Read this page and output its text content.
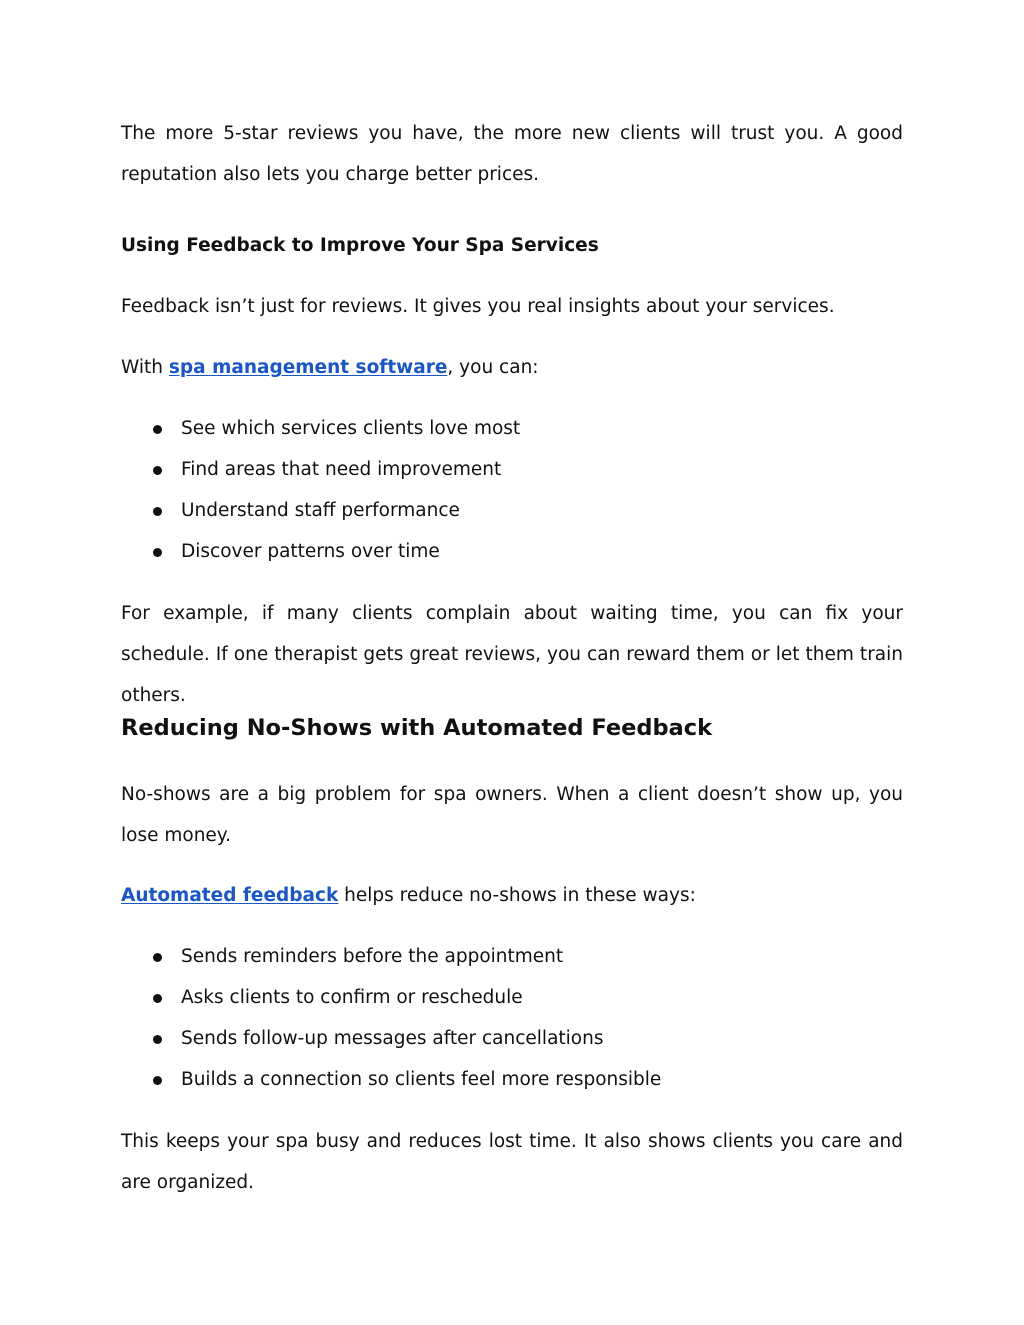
The more 5-star reviews you have, the more new clients will trust you. A good reputation also lets you charge better prices.

Using Feedback to Improve Your Spa Services
Feedback isn’t just for reviews. It gives you real insights about your services.
With spa management software, you can:
See which services clients love most
Find areas that need improvement
Understand staff performance
Discover patterns over time

For example, if many clients complain about waiting time, you can fix your schedule. If one therapist gets great reviews, you can reward them or let them train others.

Reducing No-Shows with Automated Feedback

No-shows are a big problem for spa owners. When a client doesn’t show up, you lose money.

Automated feedback helps reduce no-shows in these ways:
Sends reminders before the appointment
Asks clients to confirm or reschedule
Sends follow-up messages after cancellations
Builds a connection so clients feel more responsible

This keeps your spa busy and reduces lost time. It also shows clients you care and are organized.
